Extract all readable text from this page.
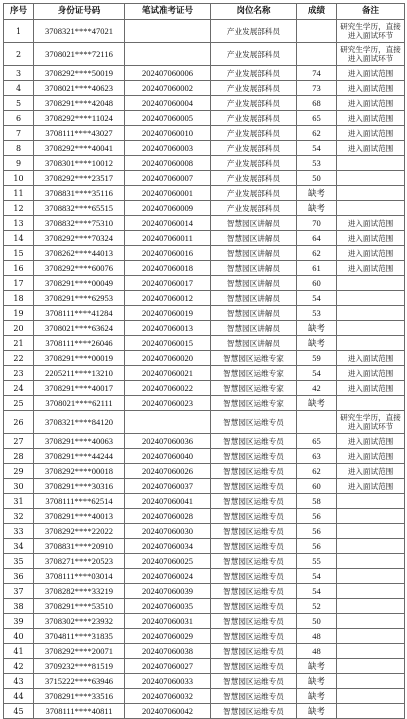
序号	身份证号码	笔试准考证号	岗位名称	成绩	备注
1	3708321****47021		产业发展部科员		研究生学历，直接进入面试环节
2	3708021****72116		产业发展部科员		研究生学历，直接进入面试环节
3	3708292****50019	202407060006	产业发展部科员	74	进入面试范围
4	3708021****40623	202407060002	产业发展部科员	73	进入面试范围
5	3708291****42048	202407060004	产业发展部科员	68	进入面试范围
6	3708292****11024	202407060005	产业发展部科员	65	进入面试范围
7	3708111****43027	202407060010	产业发展部科员	62	进入面试范围
8	3708292****40041	202407060003	产业发展部科员	54	进入面试范围
9	3708301****10012	202407060008	产业发展部科员	53	
10	3708292****23517	202407060007	产业发展部科员	50	
11	3708831****35116	202407060001	产业发展部科员	缺考	
12	3708832****65515	202407060009	产业发展部科员	缺考	
13	3708832****75310	202407060014	智慧园区讲解员	70	进入面试范围
14	3708292****70324	202407060011	智慧园区讲解员	64	进入面试范围
15	3708262****44013	202407060016	智慧园区讲解员	62	进入面试范围
16	3708292****60076	202407060018	智慧园区讲解员	61	进入面试范围
17	3708291****00049	202407060017	智慧园区讲解员	60	
18	3708291****62953	202407060012	智慧园区讲解员	54	
19	3708111****41284	202407060019	智慧园区讲解员	53	
20	3708021****63624	202407060013	智慧园区讲解员	缺考	
21	3708111****26046	202407060015	智慧园区讲解员	缺考	
22	3708291****00019	202407060020	智慧园区运维专家	59	进入面试范围
23	2205211****13210	202407060021	智慧园区运维专家	54	进入面试范围
24	3708291****40017	202407060022	智慧园区运维专家	42	进入面试范围
25	3708021****62111	202407060023	智慧园区运维专家	缺考	
26	3708321****84120		智慧园区运维专员		研究生学历，直接进入面试环节
27	3708291****40063	202407060036	智慧园区运维专员	65	进入面试范围
28	3708291****44244	202407060040	智慧园区运维专员	63	进入面试范围
29	3708292****00018	202407060026	智慧园区运维专员	62	进入面试范围
30	3708291****30316	202407060037	智慧园区运维专员	60	进入面试范围
31	3708111****62514	202407060041	智慧园区运维专员	58	
32	3708291****40013	202407060028	智慧园区运维专员	56	
33	3708292****22022	202407060030	智慧园区运维专员	56	
34	3708831****20910	202407060034	智慧园区运维专员	56	
35	3708271****20523	202407060025	智慧园区运维专员	55	
36	3708111****03014	202407060024	智慧园区运维专员	54	
37	3708282****33219	202407060039	智慧园区运维专员	54	
38	3708291****53510	202407060035	智慧园区运维专员	52	
39	3708302****23932	202407060031	智慧园区运维专员	50	
40	3704811****31835	202407060029	智慧园区运维专员	48	
41	3708292****20071	202407060038	智慧园区运维专员	48	
42	3709232****81519	202407060027	智慧园区运维专员	缺考	
43	3715222****63946	202407060033	智慧园区运维专员	缺考	
44	3708291****33516	202407060032	智慧园区运维专员	缺考	
45	3708111****40811	202407060042	智慧园区运维专员	缺考	
